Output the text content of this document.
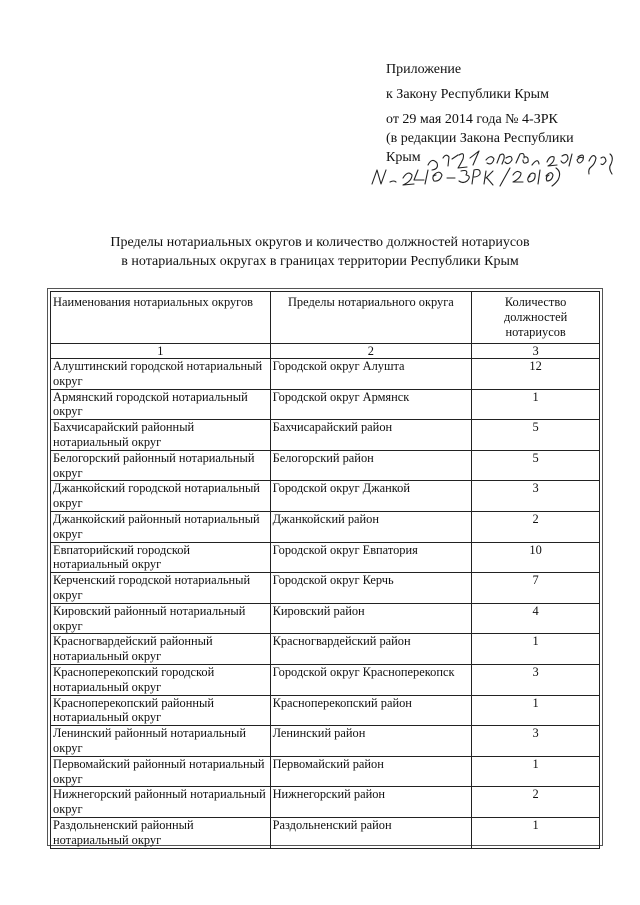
Приложение
к Закону Республики Крым
от 29 мая 2014 года № 4-ЗРК
(в редакции Закона Республики
Крым
Пределы нотариальных округов и количество должностей нотариусов
в нотариальных округах в границах территории Республики Крым
Наименования нотариальных округов	Пределы нотариального округа	Количество должностей нотариусов
1	2	3
Алуштинский городской нотариальный округ	Городской округ Алушта	12
Армянский городской нотариальный округ	Городской округ Армянск	1
Бахчисарайский районный нотариальный округ	Бахчисарайский район	5
Белогорский районный нотариальный округ	Белогорский район	5
Джанкойский городской нотариальный округ	Городской округ Джанкой	3
Джанкойский районный нотариальный округ	Джанкойский район	2
Евпаторийский городской нотариальный округ	Городской округ Евпатория	10
Керченский городской нотариальный округ	Городской округ Керчь	7
Кировский районный нотариальный округ	Кировский район	4
Красногвардейский районный нотариальный округ	Красногвардейский район	1
Красноперекопский городской нотариальный округ	Городской округ Красноперекопск	3
Красноперекопский районный нотариальный округ	Красноперекопский район	1
Ленинский районный нотариальный округ	Ленинский район	3
Первомайский районный нотариальный округ	Первомайский район	1
Нижнегорский районный нотариальный округ	Нижнегорский район	2
Раздольненский районный нотариальный округ	Раздольненский район	1
